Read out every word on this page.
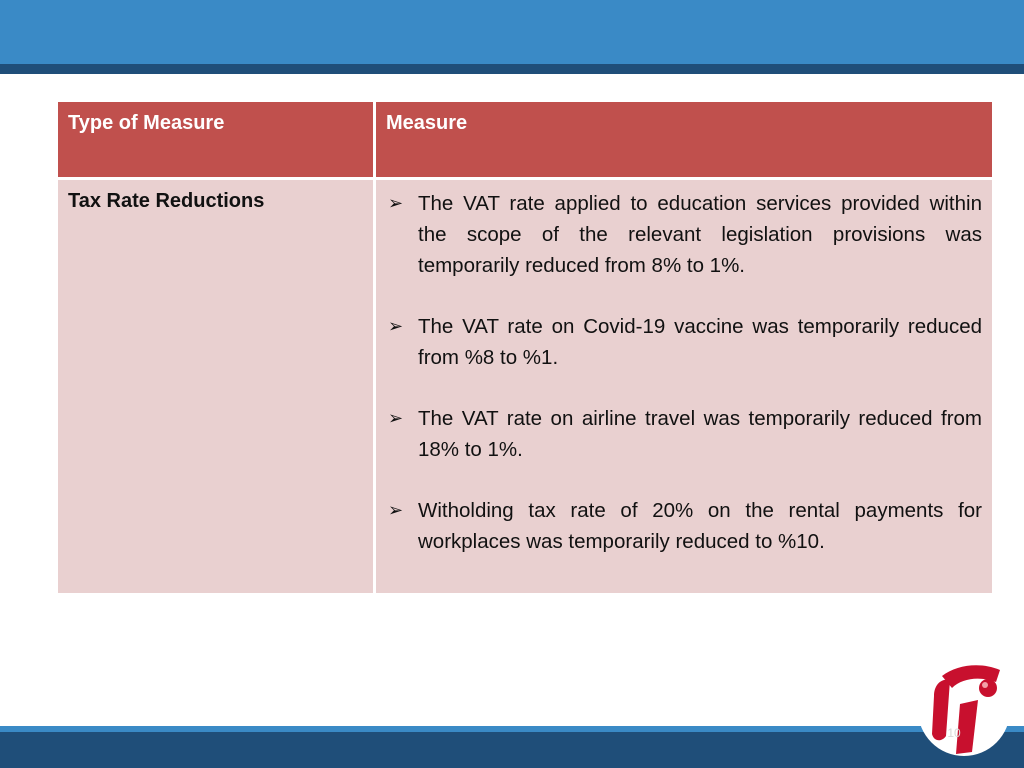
Type of Measure	Measure
Tax Rate Reductions	➢ The VAT rate applied to education services provided within the scope of the relevant legislation provisions was temporarily reduced from 8% to 1%.
➢ The VAT rate on Covid-19 vaccine was temporarily reduced from %8 to %1.
➢ The VAT rate on airline travel was temporarily reduced from 18% to 1%.
➢ Witholding tax rate of 20% on the rental payments for workplaces was temporarily reduced to %10.
10
